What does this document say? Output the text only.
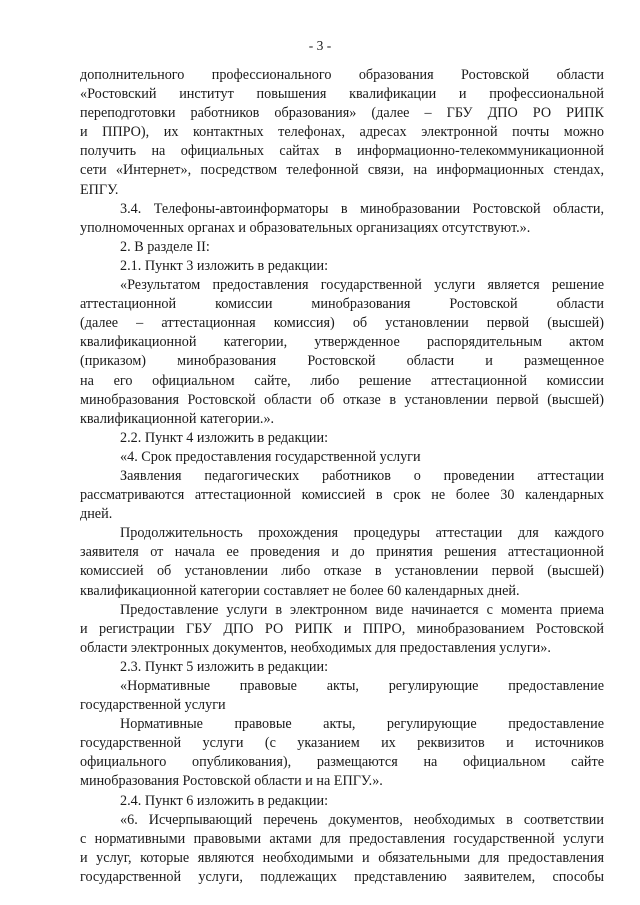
- 3 -
дополнительного профессионального образования Ростовской области
«Ростовский институт повышения квалификации и профессиональной
переподготовки работников образования» (далее – ГБУ ДПО РО РИПК
и ППРО), их контактных телефонах, адресах электронной почты можно
получить на официальных сайтах в информационно-телекоммуникационной
сети «Интернет», посредством телефонной связи, на информационных стендах,
ЕПГУ.
3.4. Телефоны-автоинформаторы в минобразовании Ростовской области,
уполномоченных органах и образовательных организациях отсутствуют.».
2. В разделе II:
2.1. Пункт 3 изложить в редакции:
«Результатом предоставления государственной услуги является решение
аттестационной комиссии минобразования Ростовской области
(далее – аттестационная комиссия) об установлении первой (высшей)
квалификационной категории, утвержденное распорядительным актом
(приказом) минобразования Ростовской области и размещенное
на его официальном сайте, либо решение аттестационной комиссии
минобразования Ростовской области об отказе в установлении первой (высшей)
квалификационной категории.».
2.2. Пункт 4 изложить в редакции:
«4. Срок предоставления государственной услуги
Заявления педагогических работников о проведении аттестации
рассматриваются аттестационной комиссией в срок не более 30 календарных
дней.
Продолжительность прохождения процедуры аттестации для каждого
заявителя от начала ее проведения и до принятия решения аттестационной
комиссией об установлении либо отказе в установлении первой (высшей)
квалификационной категории составляет не более 60 календарных дней.
Предоставление услуги в электронном виде начинается с момента приема
и регистрации ГБУ ДПО РО РИПК и ППРО, минобразованием Ростовской
области электронных документов, необходимых для предоставления услуги».
2.3. Пункт 5 изложить в редакции:
«Нормативные правовые акты, регулирующие предоставление
государственной услуги
Нормативные правовые акты, регулирующие предоставление
государственной услуги (с указанием их реквизитов и источников
официального опубликования), размещаются на официальном сайте
минобразования Ростовской области и на ЕПГУ.».
2.4. Пункт 6 изложить в редакции:
«6. Исчерпывающий перечень документов, необходимых в соответствии
с нормативными правовыми актами для предоставления государственной услуги
и услуг, которые являются необходимыми и обязательными для предоставления
государственной услуги, подлежащих представлению заявителем, способы
